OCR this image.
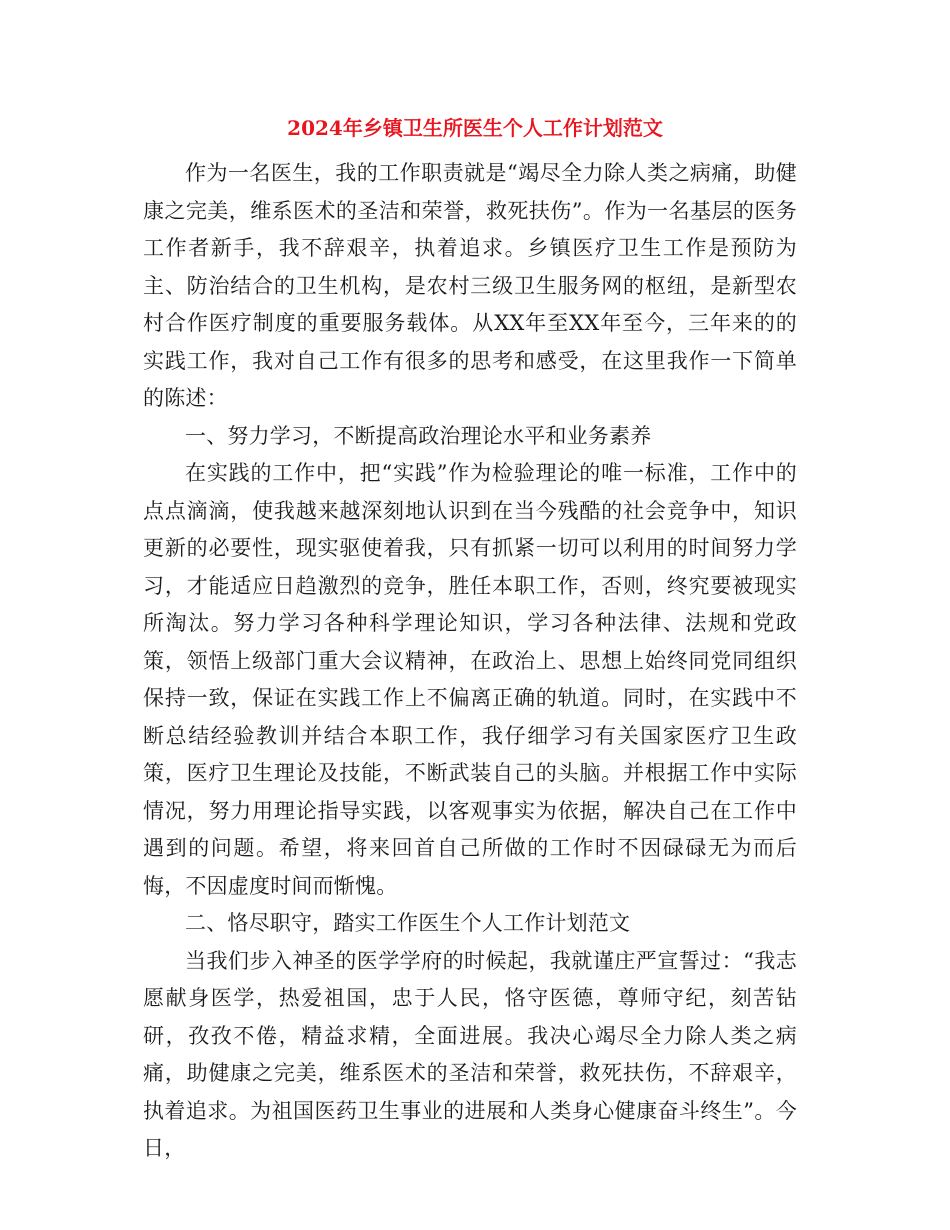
2024年乡镇卫生所医生个人工作计划范文

作为一名医生，我的工作职责就是“竭尽全力除人类之病痛，助健康之完美，维系医术的圣洁和荣誉，救死扶伤”。作为一名基层的医务工作者新手，我不辞艰辛，执着追求。乡镇医疗卫生工作是预防为主、防治结合的卫生机构，是农村三级卫生服务网的枢纽，是新型农村合作医疗制度的重要服务载体。从XX年至XX年至今，三年来的的实践工作，我对自己工作有很多的思考和感受，在这里我作一下简单的陈述：

一、努力学习，不断提高政治理论水平和业务素养

在实践的工作中，把“实践”作为检验理论的唯一标准，工作中的点点滴滴，使我越来越深刻地认识到在当今残酷的社会竞争中，知识更新的必要性，现实驱使着我，只有抓紧一切可以利用的时间努力学习，才能适应日趋激烈的竞争，胜任本职工作，否则，终究要被现实所淘汰。努力学习各种科学理论知识，学习各种法律、法规和党政策，领悟上级部门重大会议精神，在政治上、思想上始终同党同组织保持一致，保证在实践工作上不偏离正确的轨道。同时，在实践中不断总结经验教训并结合本职工作，我仔细学习有关国家医疗卫生政策，医疗卫生理论及技能，不断武装自己的头脑。并根据工作中实际情况，努力用理论指导实践，以客观事实为依据，解决自己在工作中遇到的问题。希望，将来回首自己所做的工作时不因碌碌无为而后悔，不因虚度时间而惭愧。

二、恪尽职守，踏实工作医生个人工作计划范文

当我们步入神圣的医学学府的时候起，我就谨庄严宣誓过：“我志愿献身医学，热爱祖国，忠于人民，恪守医德，尊师守纪，刻苦钻研，孜孜不倦，精益求精，全面进展。我决心竭尽全力除人类之病痛，助健康之完美，维系医术的圣洁和荣誉，救死扶伤，不辞艰辛，执着追求。为祖国医药卫生事业的进展和人类身心健康奋斗终生”。今日，
